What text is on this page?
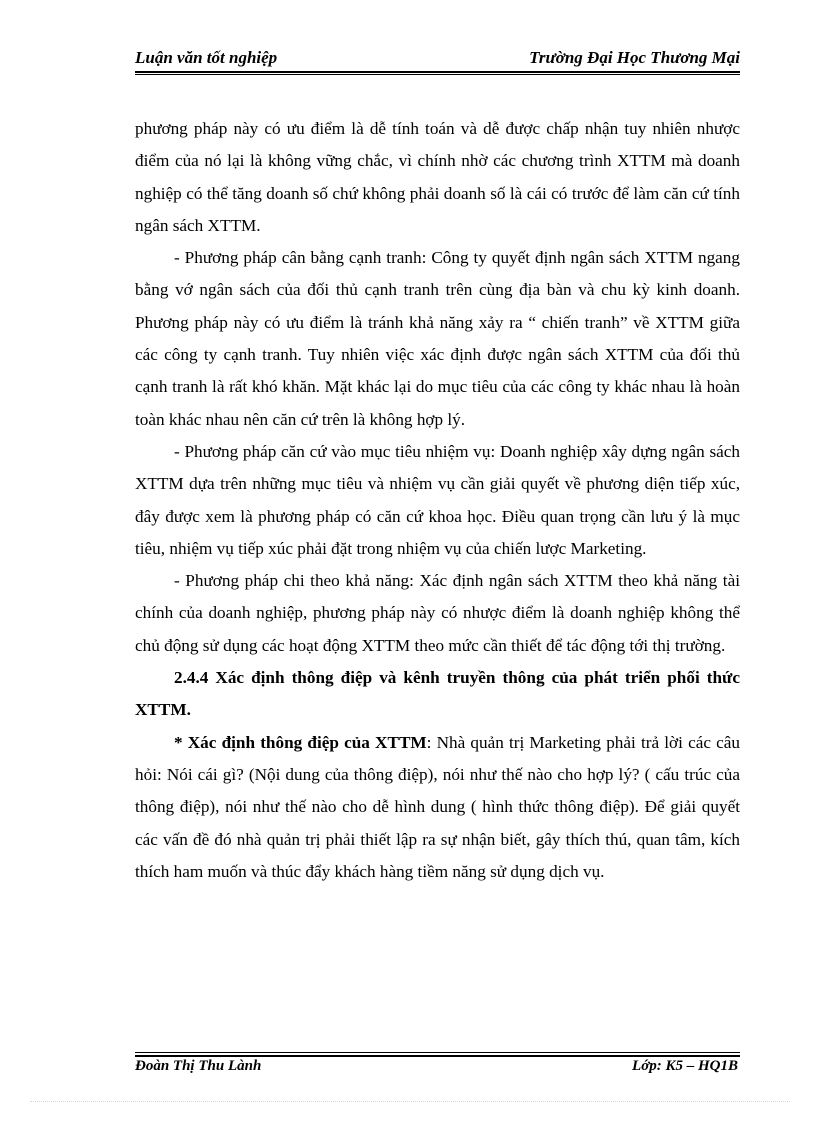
Luận văn tốt nghiệp	Trường Đại Học Thương Mại

phương pháp này có ưu điểm là dễ tính toán và dễ được chấp nhận tuy nhiên nhược điểm của nó lại là không vững chắc, vì chính nhờ các chương trình XTTM mà doanh nghiệp có thể tăng doanh số chứ không phải doanh số là cái có trước để làm căn cứ tính ngân sách XTTM.

- Phương pháp cân bằng cạnh tranh: Công ty quyết định ngân sách XTTM ngang bằng vớ ngân sách của đối thủ cạnh tranh trên cùng địa bàn và chu kỳ kinh doanh. Phương pháp này có ưu điểm là tránh khả năng xảy ra “ chiến tranh” về XTTM giữa các công ty cạnh tranh. Tuy nhiên việc xác định được ngân sách XTTM của đối thủ cạnh tranh là rất khó khăn. Mặt khác lại do mục tiêu của các công ty khác nhau là hoàn toàn khác nhau nên căn cứ trên là không hợp lý.

- Phương pháp căn cứ vào mục tiêu nhiệm vụ: Doanh nghiệp xây dựng ngân sách XTTM dựa trên những mục tiêu và nhiệm vụ cần giải quyết về phương diện tiếp xúc, đây được xem là phương pháp có căn cứ khoa học. Điều quan trọng cần lưu ý là mục tiêu, nhiệm vụ tiếp xúc phải đặt trong nhiệm vụ của chiến lược Marketing.

- Phương pháp chi theo khả năng: Xác định ngân sách XTTM theo khả năng tài chính của doanh nghiệp, phương pháp này có nhược điểm là doanh nghiệp không thể chủ động sử dụng các hoạt động XTTM theo mức cần thiết để tác động tới thị trường.

2.4.4 Xác định thông điệp và kênh truyền thông của phát triển phối thức XTTM.

* Xác định thông điệp của XTTM: Nhà quản trị Marketing phải trả lời các câu hỏi: Nói cái gì? (Nội dung của thông điệp), nói như thế nào cho hợp lý? ( cấu trúc của thông điệp), nói như thế nào cho dễ hình dung ( hình thức thông điệp). Để giải quyết các vấn đề đó nhà quản trị phải thiết lập ra sự nhận biết, gây thích thú, quan tâm, kích thích ham muốn và thúc đẩy khách hàng tiềm năng sử dụng dịch vụ.

Đoàn Thị Thu Lành	Lớp: K5 – HQ1B
